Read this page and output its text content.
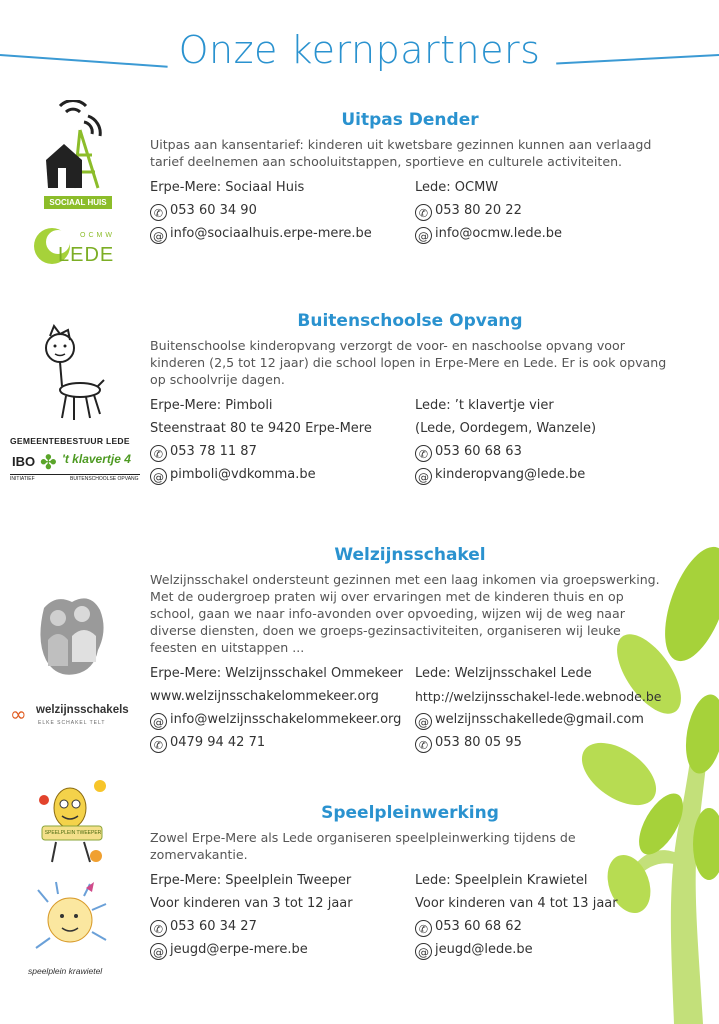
Onze kernpartners
SOCIAAL HUIS
OCMW
LEDE
Uitpas Dender

Uitpas aan kansentarief: kinderen uit kwetsbare gezinnen kunnen aan verlaagd tarief deelnemen aan schooluitstappen, sportieve en culturele activiteiten.

Erpe-Mere: Sociaal Huis
✆ 053 60 34 90
@ info@sociaalhuis.erpe-mere.be
Lede: OCMW
✆ 053 80 20 22
@ info@ocmw.lede.be
GEMEENTEBESTUUR LEDE
IBO ✤ 't klavertje 4
INITIATIEF	BUITENSCHOOLSE OPVANG
Buitenschoolse Opvang

Buitenschoolse kinderopvang verzorgt de voor- en naschoolse opvang voor kinderen (2,5 tot 12 jaar) die school lopen in Erpe-Mere en Lede. Er is ook opvang op schoolvrije dagen.

Erpe-Mere: Pimboli
Steenstraat 80 te 9420 Erpe-Mere
✆ 053 78 11 87
@ pimboli@vdkomma.be
Lede: ’t klavertje vier
(Lede, Oordegem, Wanzele)
✆ 053 60 68 63
@ kinderopvang@lede.be
∞ welzijnsschakels
ELKE SCHAKEL TELT
Welzijnsschakel

Welzijnsschakel ondersteunt gezinnen met een laag inkomen via groepswerking. Met de oudergroep praten wij over ervaringen met de kinderen thuis en op school, gaan we naar info-avonden over opvoeding, wijzen wij de weg naar diverse diensten, doen we groeps-gezinsactiviteiten, organiseren wij leuke feesten en uitstappen ...

Erpe-Mere: Welzijnsschakel Ommekeer
www.welzijnsschakelommekeer.org
@ info@welzijnsschakelommekeer.org
✆ 0479 94 42 71
Lede: Welzijnsschakel Lede
http://welzijnsschakel-lede.webnode.be
@ welzijnsschakellede@gmail.com
✆ 053 80 05 95
SPEELPLEIN TWEEPER
speelplein krawietel
Speelpleinwerking

Zowel Erpe-Mere als Lede organiseren speelpleinwerking tijdens de zomervakantie.

Erpe-Mere: Speelplein Tweeper
Voor kinderen van 3 tot 12 jaar
✆ 053 60 34 27
@ jeugd@erpe-mere.be
Lede: Speelplein Krawietel
Voor kinderen van 4 tot 13 jaar
✆ 053 60 68 62
@ jeugd@lede.be
